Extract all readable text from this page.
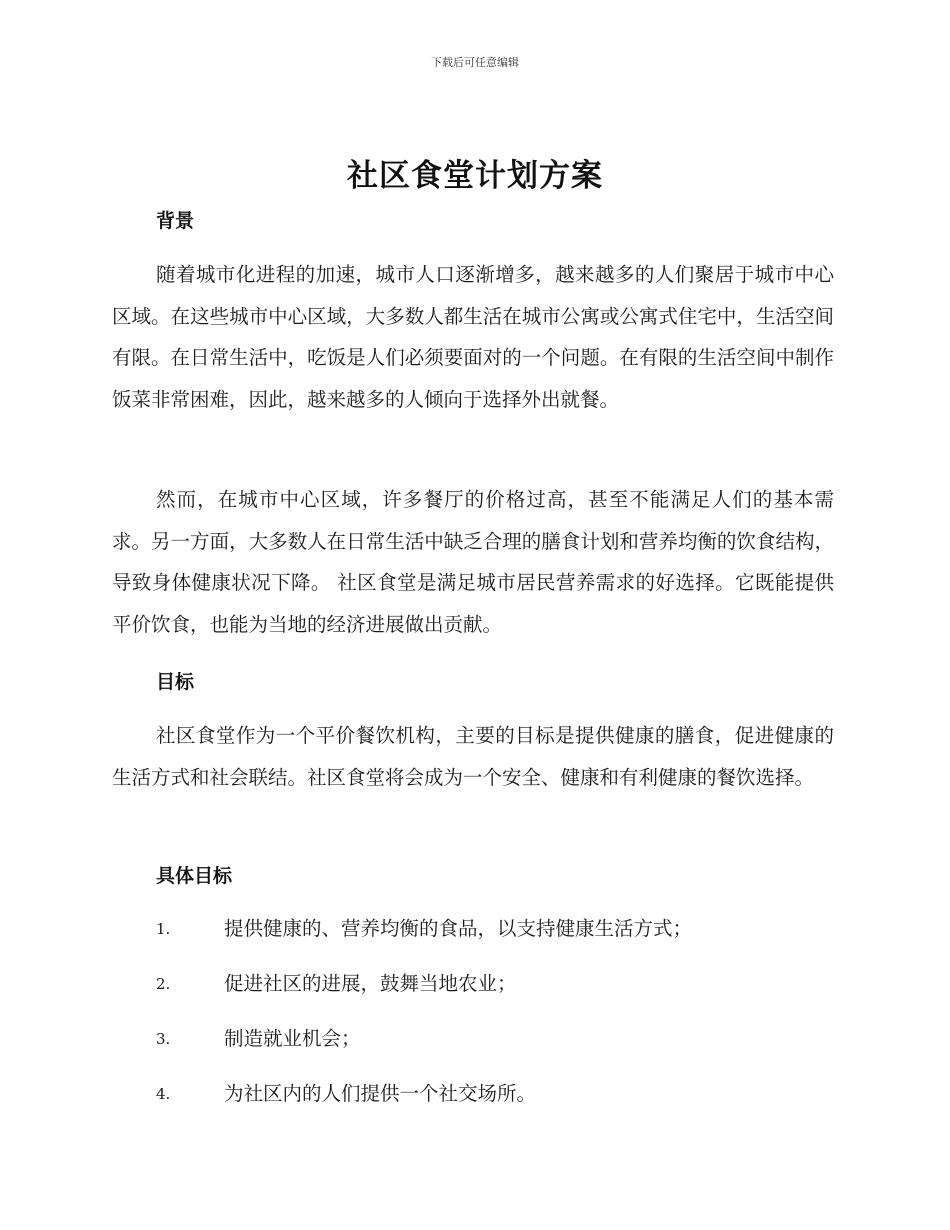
下载后可任意编辑
社区食堂计划方案
背景

随着城市化进程的加速，城市人口逐渐增多，越来越多的人们聚居于城市中心区域。在这些城市中心区域，大多数人都生活在城市公寓或公寓式住宅中，生活空间有限。在日常生活中，吃饭是人们必须要面对的一个问题。在有限的生活空间中制作饭菜非常困难，因此，越来越多的人倾向于选择外出就餐。

然而，在城市中心区域，许多餐厅的价格过高，甚至不能满足人们的基本需求。另一方面，大多数人在日常生活中缺乏合理的膳食计划和营养均衡的饮食结构，导致身体健康状况下降。 社区食堂是满足城市居民营养需求的好选择。它既能提供平价饮食，也能为当地的经济进展做出贡献。

目标

社区食堂作为一个平价餐饮机构，主要的目标是提供健康的膳食，促进健康的生活方式和社会联结。社区食堂将会成为一个安全、健康和有利健康的餐饮选择。

具体目标
1.	提供健康的、营养均衡的食品，以支持健康生活方式；
2.	促进社区的进展，鼓舞当地农业；
3.	制造就业机会；
4.	为社区内的人们提供一个社交场所。
